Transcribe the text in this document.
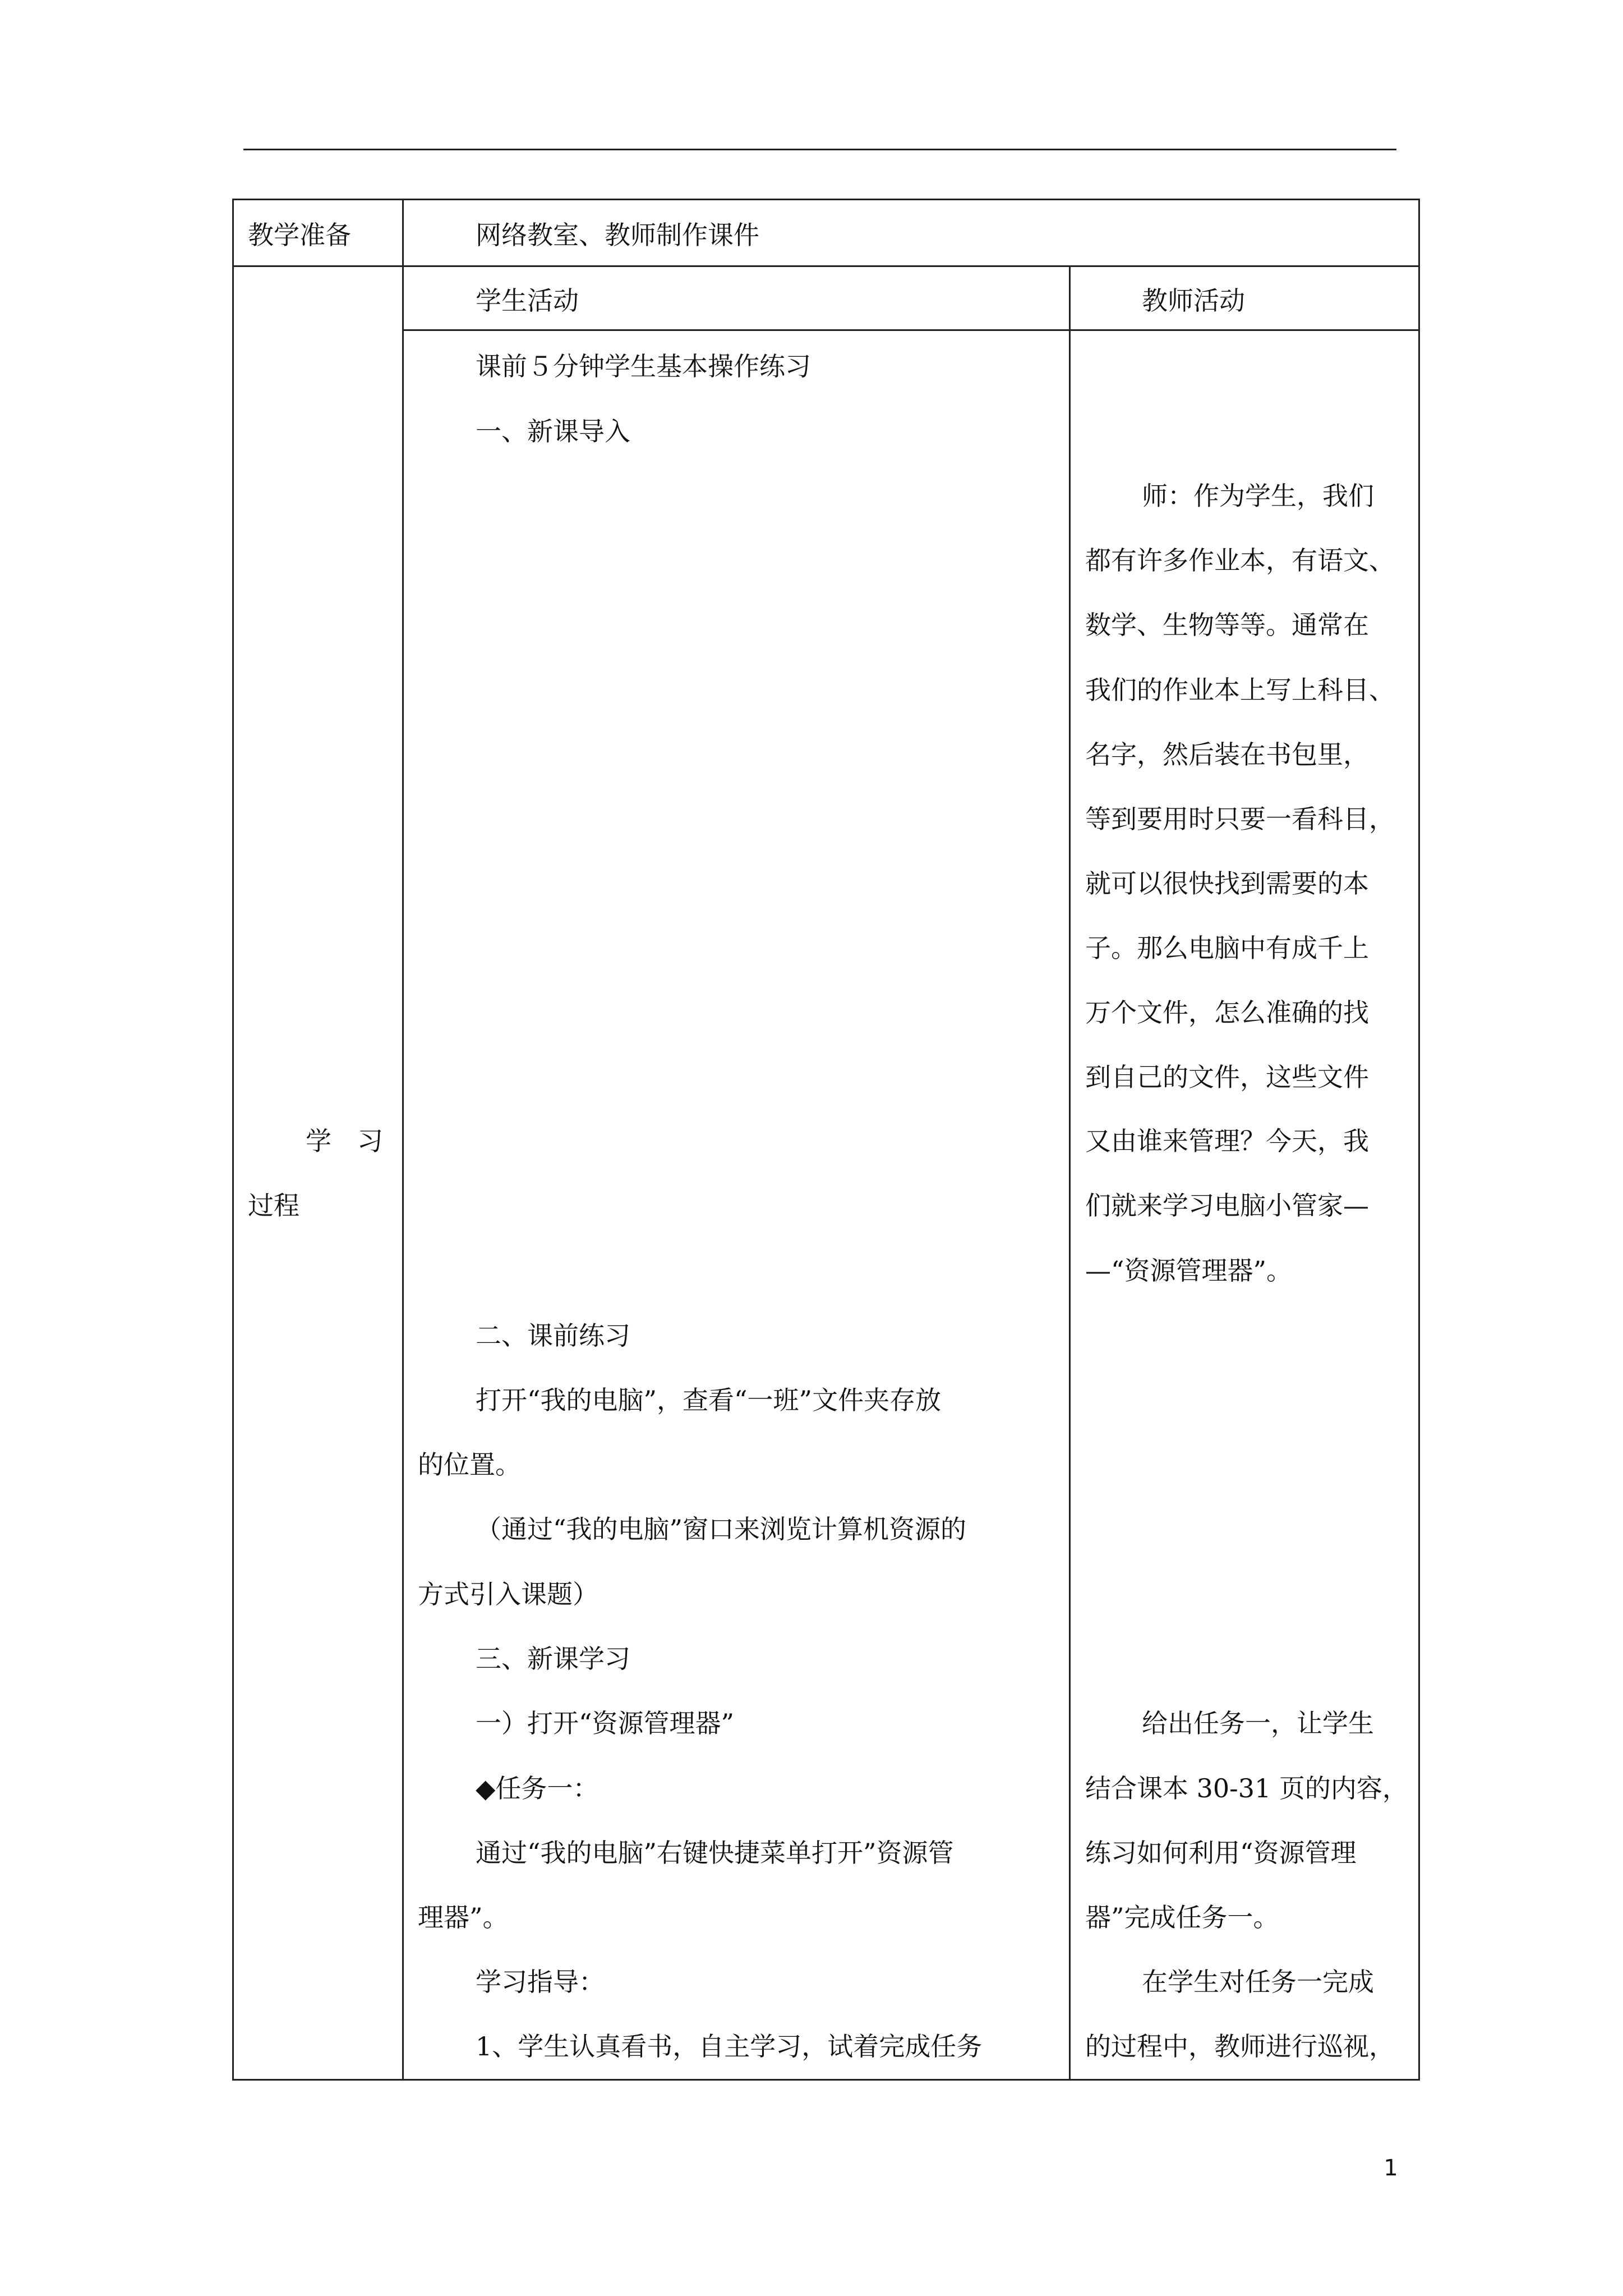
教学准备	网络教室、教师制作课件
学生活动	教师活动
学　习
过程
课前５分钟学生基本操作练习
一、新课导入
二、课前练习
打开“我的电脑”，查看“一班”文件夹存放
的位置。
（通过“我的电脑”窗口来浏览计算机资源的
方式引入课题）
三、新课学习
一）打开“资源管理器”
◆任务一：
通过“我的电脑”右键快捷菜单打开”资源管
理器”。
学习指导：
1、学生认真看书，自主学习，试着完成任务
师：作为学生，我们
都有许多作业本，有语文、
数学、生物等等。通常在
我们的作业本上写上科目、
名字，然后装在书包里，
等到要用时只要一看科目，
就可以很快找到需要的本
子。那么电脑中有成千上
万个文件，怎么准确的找
到自己的文件，这些文件
又由谁来管理？今天，我
们就来学习电脑小管家—
—“资源管理器”。
给出任务一，让学生
结合课本 30-31 页的内容，
练习如何利用“资源管理
器”完成任务一。
在学生对任务一完成
的过程中，教师进行巡视，
1
